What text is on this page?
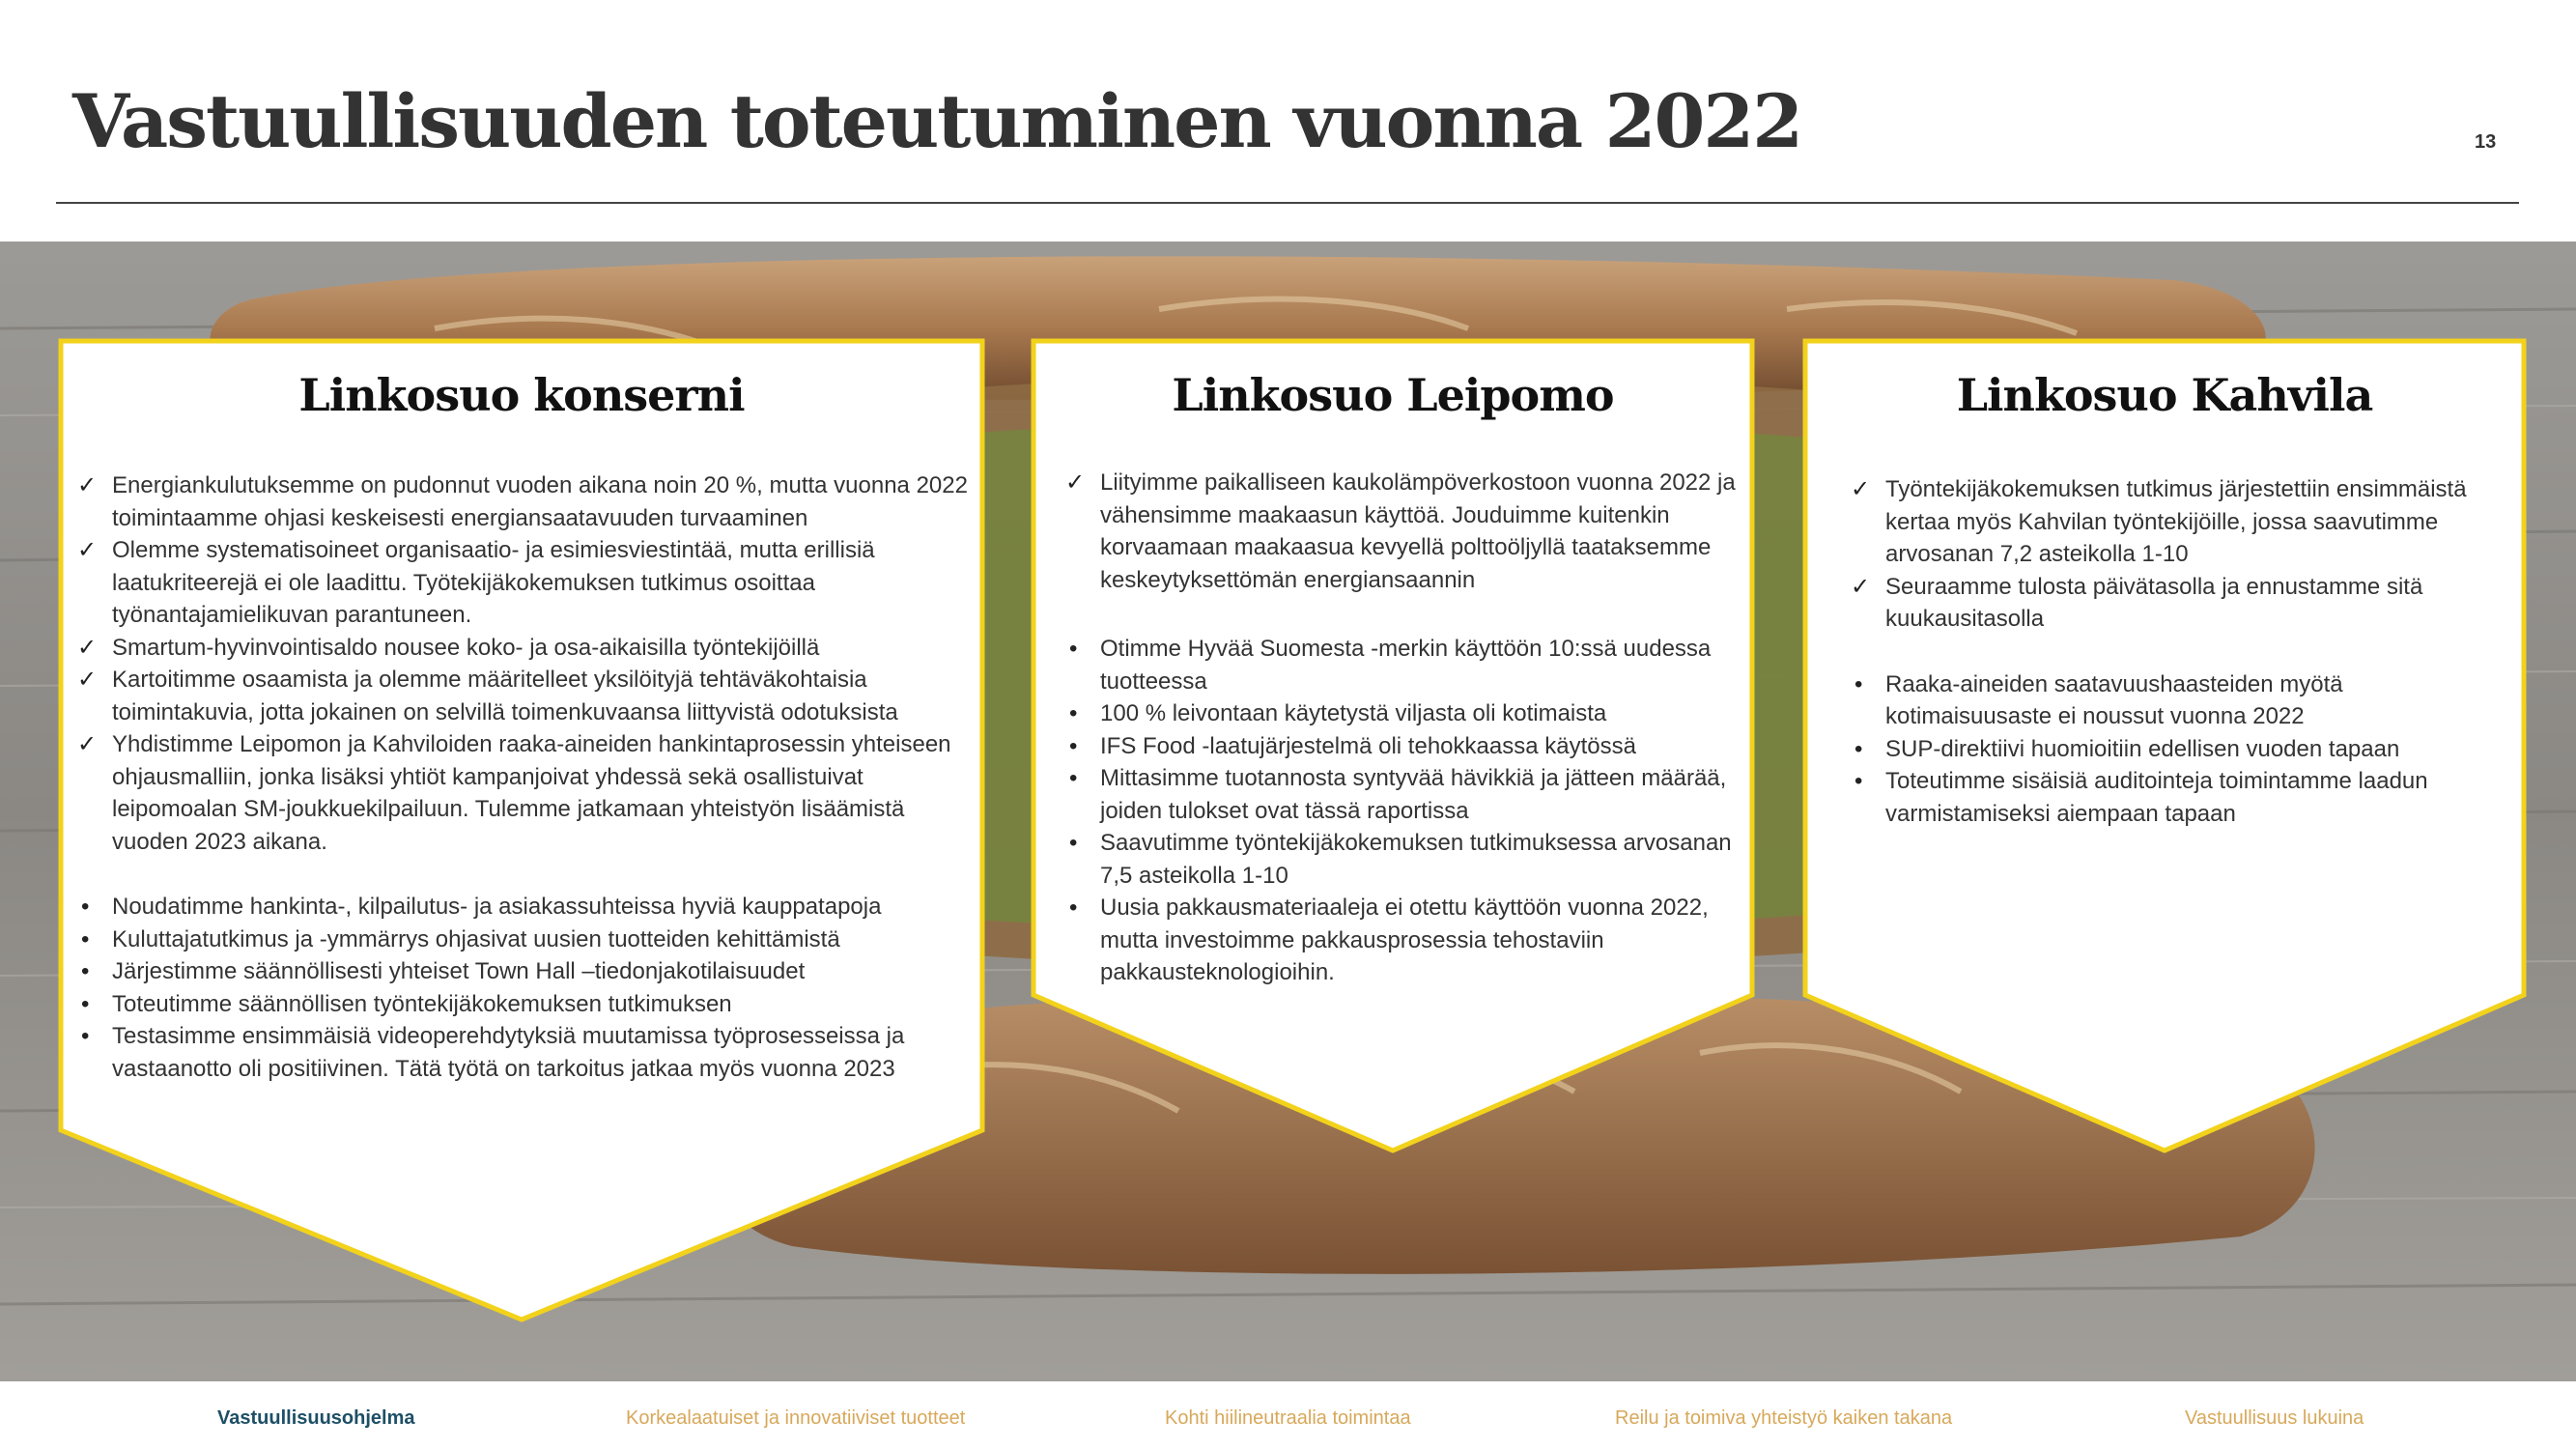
Vastuullisuuden toteutuminen vuonna 2022	13
Linkosuo konserni
✓ Energiankulutuksemme on pudonnut vuoden aikana noin 20 %, mutta vuonna 2022 toimintaamme ohjasi keskeisesti energiansaatavuuden turvaaminen
✓ Olemme systematisoineet organisaatio- ja esimiesviestintää, mutta erillisiä laatukriteerejä ei ole laadittu. Työtekijäkokemuksen tutkimus osoittaa työnantajamielikuvan parantuneen.
✓ Smartum-hyvinvointisaldo nousee koko- ja osa-aikaisilla työntekijöillä
✓ Kartoitimme osaamista ja olemme määritelleet yksilöityjä tehtäväkohtaisia toimintakuvia, jotta jokainen on selvillä toimenkuvaansa liittyvistä odotuksista
✓ Yhdistimme Leipomon ja Kahviloiden raaka-aineiden hankintaprosessin yhteiseen ohjausmalliin, jonka lisäksi yhtiöt kampanjoivat yhdessä sekä osallistuivat leipomoalan SM-joukkuekilpailuun. Tulemme jatkamaan yhteistyön lisäämistä vuoden 2023 aikana.
• Noudatimme hankinta-, kilpailutus- ja asiakassuhteissa hyviä kauppatapoja
• Kuluttajatutkimus ja -ymmärrys ohjasivat uusien tuotteiden kehittämistä
• Järjestimme säännöllisesti yhteiset Town Hall –tiedonjakotilaisuudet
• Toteutimme säännöllisen työntekijäkokemuksen tutkimuksen
• Testasimme ensimmäisiä videoperehdytyksiä muutamissa työprosesseissa ja vastaanotto oli positiivinen. Tätä työtä on tarkoitus jatkaa myös vuonna 2023
Linkosuo Leipomo
✓ Liityimme paikalliseen kaukolämpöverkostoon vuonna 2022 ja vähensimme maakaasun käyttöä. Jouduimme kuitenkin korvaamaan maakaasua kevyellä polttoöljyllä taataksemme keskeytyksettömän energiansaannin
• Otimme Hyvää Suomesta -merkin käyttöön 10:ssä uudessa tuotteessa
• 100 % leivontaan käytetystä viljasta oli kotimaista
• IFS Food -laatujärjestelmä oli tehokkaassa käytössä
• Mittasimme tuotannosta syntyvää hävikkiä ja jätteen määrää, joiden tulokset ovat tässä raportissa
• Saavutimme työntekijäkokemuksen tutkimuksessa arvosanan 7,5 asteikolla 1-10
• Uusia pakkausmateriaaleja ei otettu käyttöön vuonna 2022, mutta investoimme pakkausprosessia tehostaviin pakkausteknologioihin.
Linkosuo Kahvila
✓ Työntekijäkokemuksen tutkimus järjestettiin ensimmäistä kertaa myös Kahvilan työntekijöille, jossa saavutimme arvosanan 7,2 asteikolla 1-10
✓ Seuraamme tulosta päivätasolla ja ennustamme sitä kuukausitasolla
• Raaka-aineiden saatavuushaasteiden myötä kotimaisuusaste ei noussut vuonna 2022
• SUP-direktiivi huomioitiin edellisen vuoden tapaan
• Toteutimme sisäisiä auditointeja toimintamme laadun varmistamiseksi aiempaan tapaan
Vastuullisuusohjelma	Korkealaatuiset ja innovatiiviset tuotteet	Kohti hiilineutraalia toimintaa	Reilu ja toimiva yhteistyö kaiken takana	Vastuullisuus lukuina
